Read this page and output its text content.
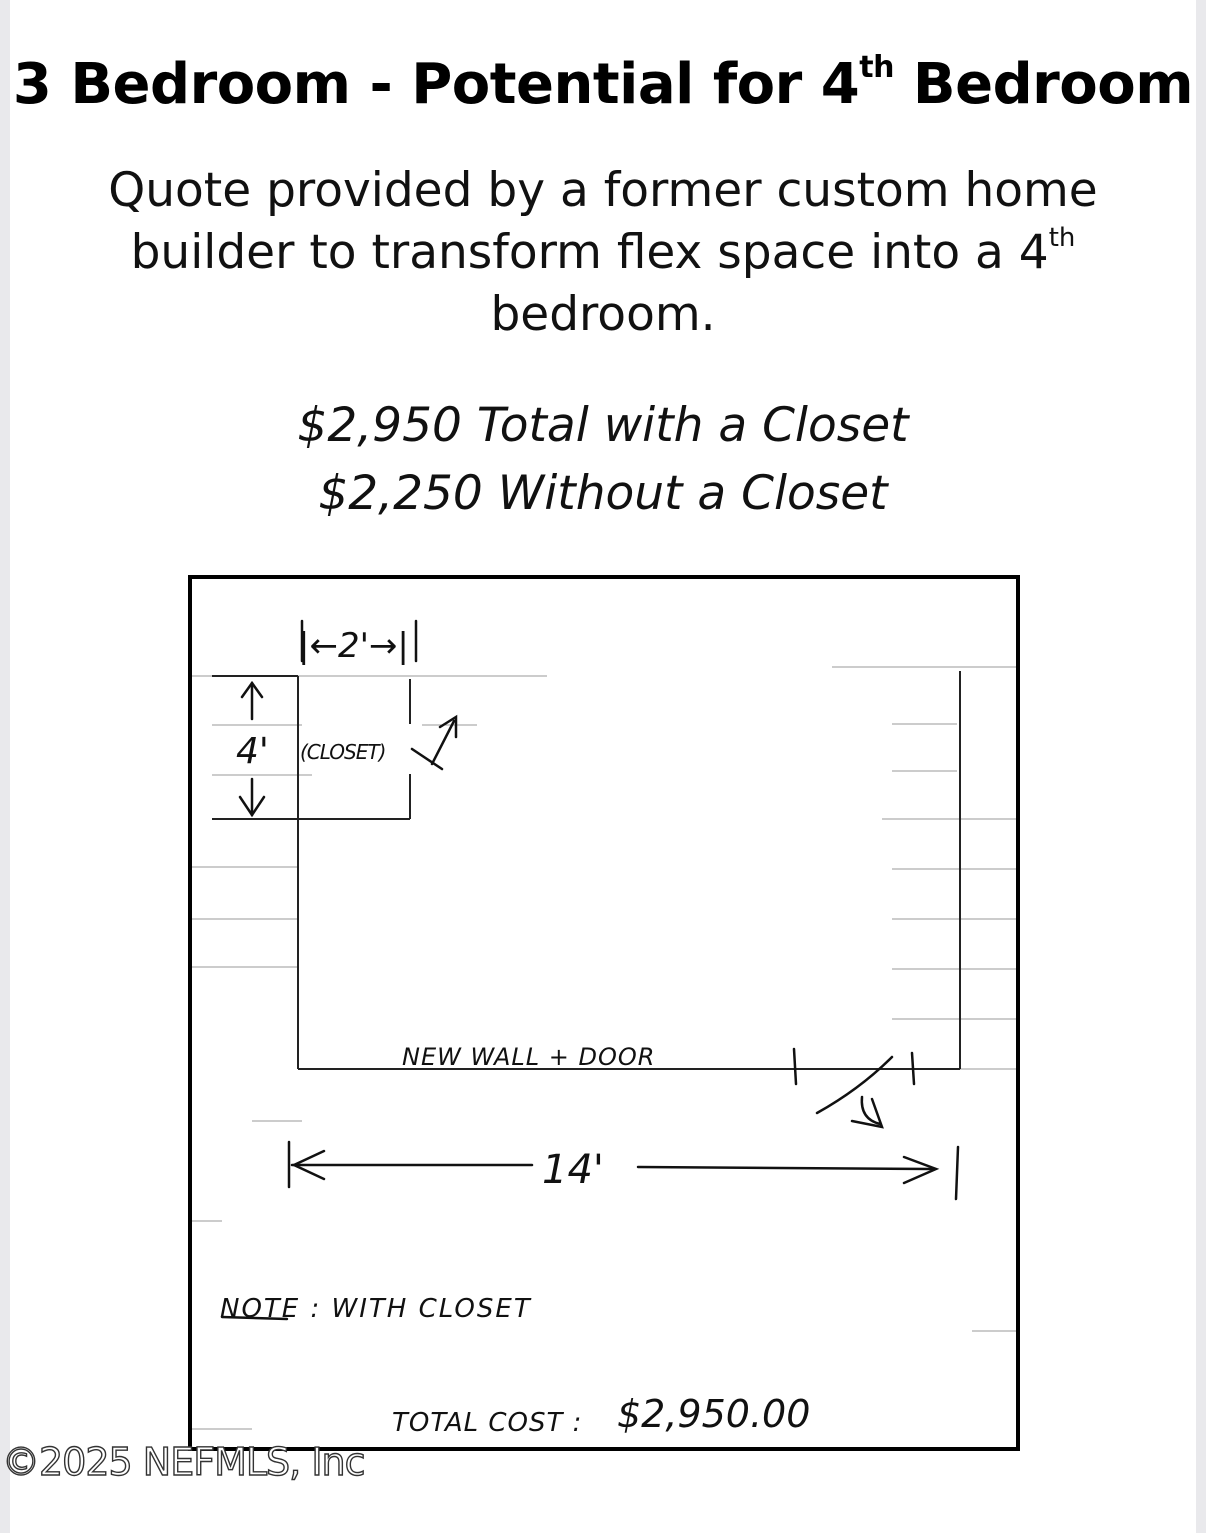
3 Bedroom - Potential for 4th Bedroom
Quote provided by a former custom home builder to transform flex space into a 4th bedroom.
$2,950 Total with a Closet
$2,250 Without a Closet
|←2'→|
4' (CLOSET)
NEW WALL + DOOR
14'
NOTE : WITH CLOSET
TOTAL COST : $2,950.00
©2025 NEFMLS, Inc
